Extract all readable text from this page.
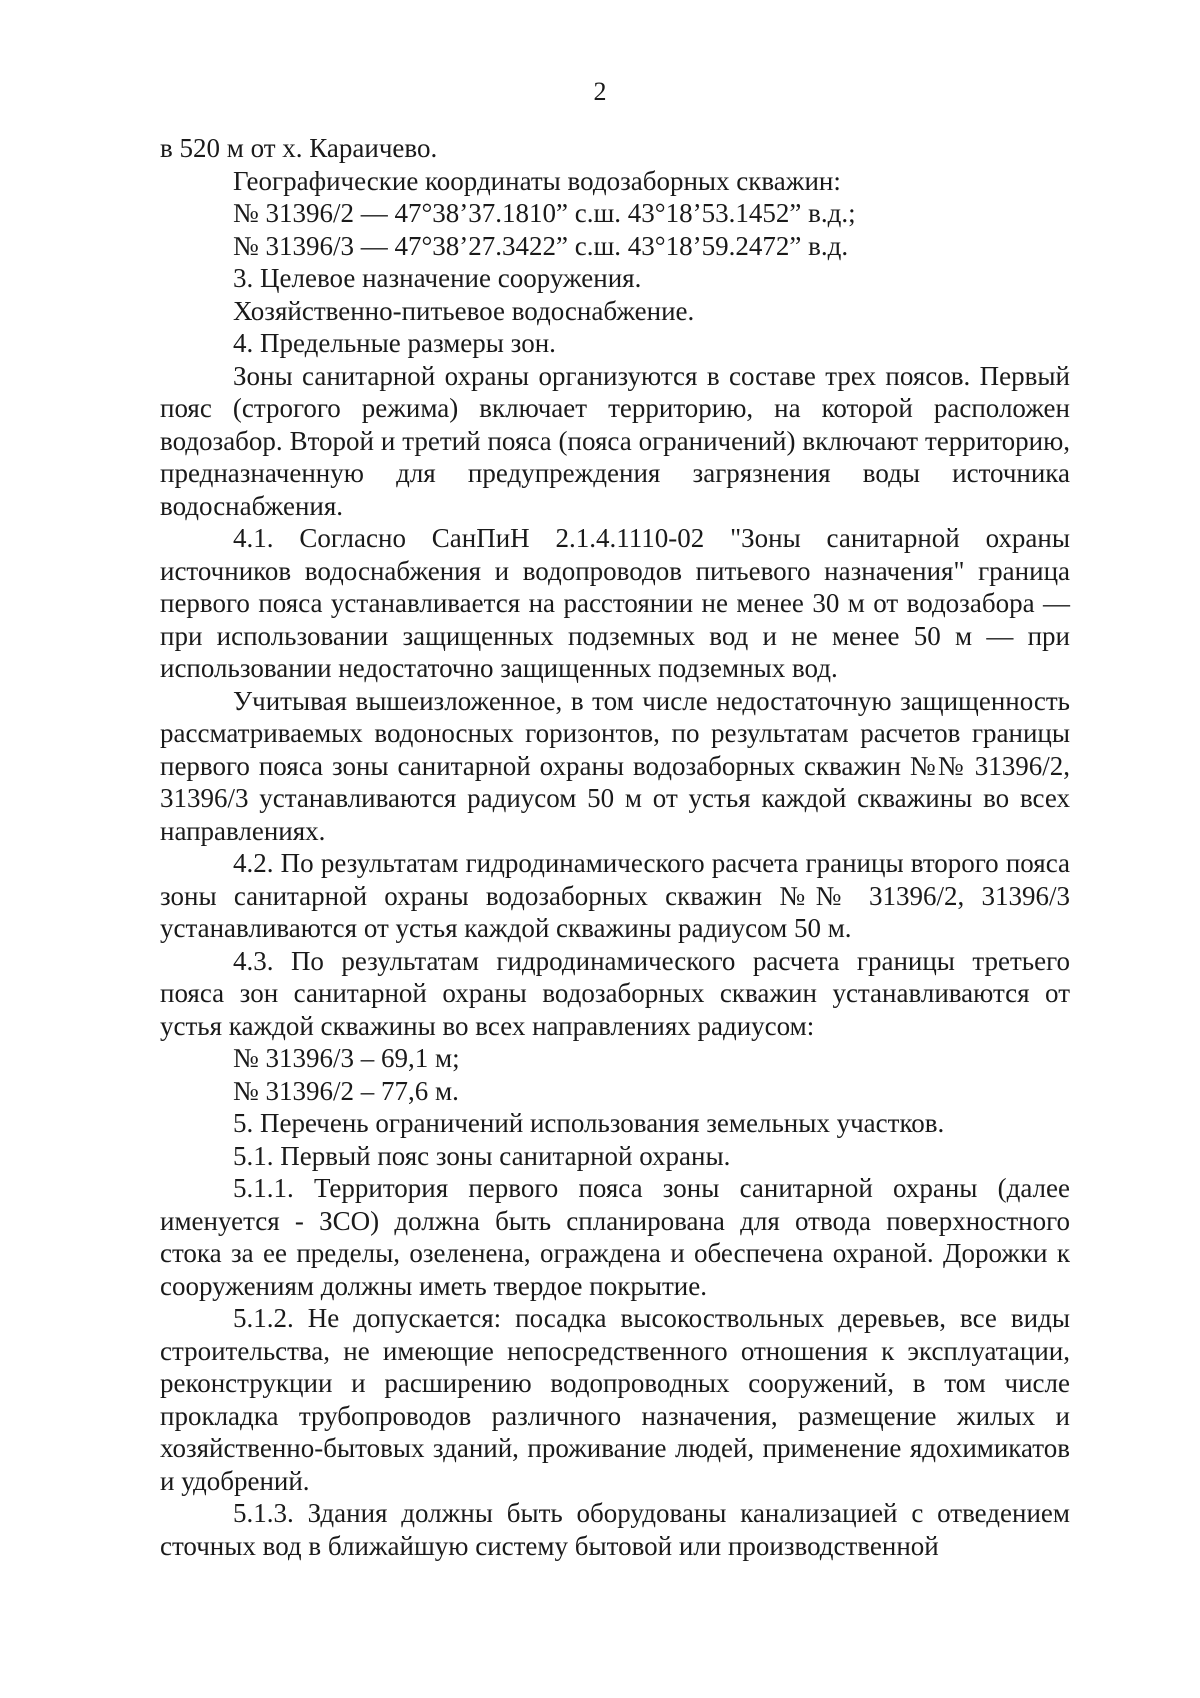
2

в 520 м от х. Караичево.

Географические координаты водозаборных скважин:

№ 31396/2 — 47°38’37.1810” с.ш. 43°18’53.1452” в.д.;

№ 31396/3 — 47°38’27.3422” с.ш. 43°18’59.2472” в.д.

3. Целевое назначение сооружения.

Хозяйственно-питьевое водоснабжение.

4. Предельные размеры зон.

Зоны санитарной охраны организуются в составе трех поясов. Первый пояс (строгого режима) включает территорию, на которой расположен водозабор. Второй и третий пояса (пояса ограничений) включают территорию, предназначенную для предупреждения загрязнения воды источника водоснабжения.

4.1. Согласно СанПиН 2.1.4.1110-02 "Зоны санитарной охраны источников водоснабжения и водопроводов питьевого назначения" граница первого пояса устанавливается на расстоянии не менее 30 м от водозабора — при использовании защищенных подземных вод и не менее 50 м — при использовании недостаточно защищенных подземных вод.

Учитывая вышеизложенное, в том числе недостаточную защищенность рассматриваемых водоносных горизонтов, по результатам расчетов границы первого пояса зоны санитарной охраны водозаборных скважин №№ 31396/2, 31396/3 устанавливаются радиусом 50 м от устья каждой скважины во всех направлениях.

4.2. По результатам гидродинамического расчета границы второго пояса зоны санитарной охраны водозаборных скважин №№ 31396/2, 31396/3 устанавливаются от устья каждой скважины радиусом 50 м.

4.3. По результатам гидродинамического расчета границы третьего пояса зон санитарной охраны водозаборных скважин устанавливаются от устья каждой скважины во всех направлениях радиусом:

№ 31396/3 – 69,1 м;

№ 31396/2 – 77,6 м.

5. Перечень ограничений использования земельных участков.

5.1. Первый пояс зоны санитарной охраны.

5.1.1. Территория первого пояса зоны санитарной охраны (далее именуется - ЗСО) должна быть спланирована для отвода поверхностного стока за ее пределы, озеленена, ограждена и обеспечена охраной. Дорожки к сооружениям должны иметь твердое покрытие.

5.1.2. Не допускается: посадка высокоствольных деревьев, все виды строительства, не имеющие непосредственного отношения к эксплуатации, реконструкции и расширению водопроводных сооружений, в том числе прокладка трубопроводов различного назначения, размещение жилых и хозяйственно-бытовых зданий, проживание людей, применение ядохимикатов и удобрений.

5.1.3. Здания должны быть оборудованы канализацией с отведением сточных вод в ближайшую систему бытовой или производственной
